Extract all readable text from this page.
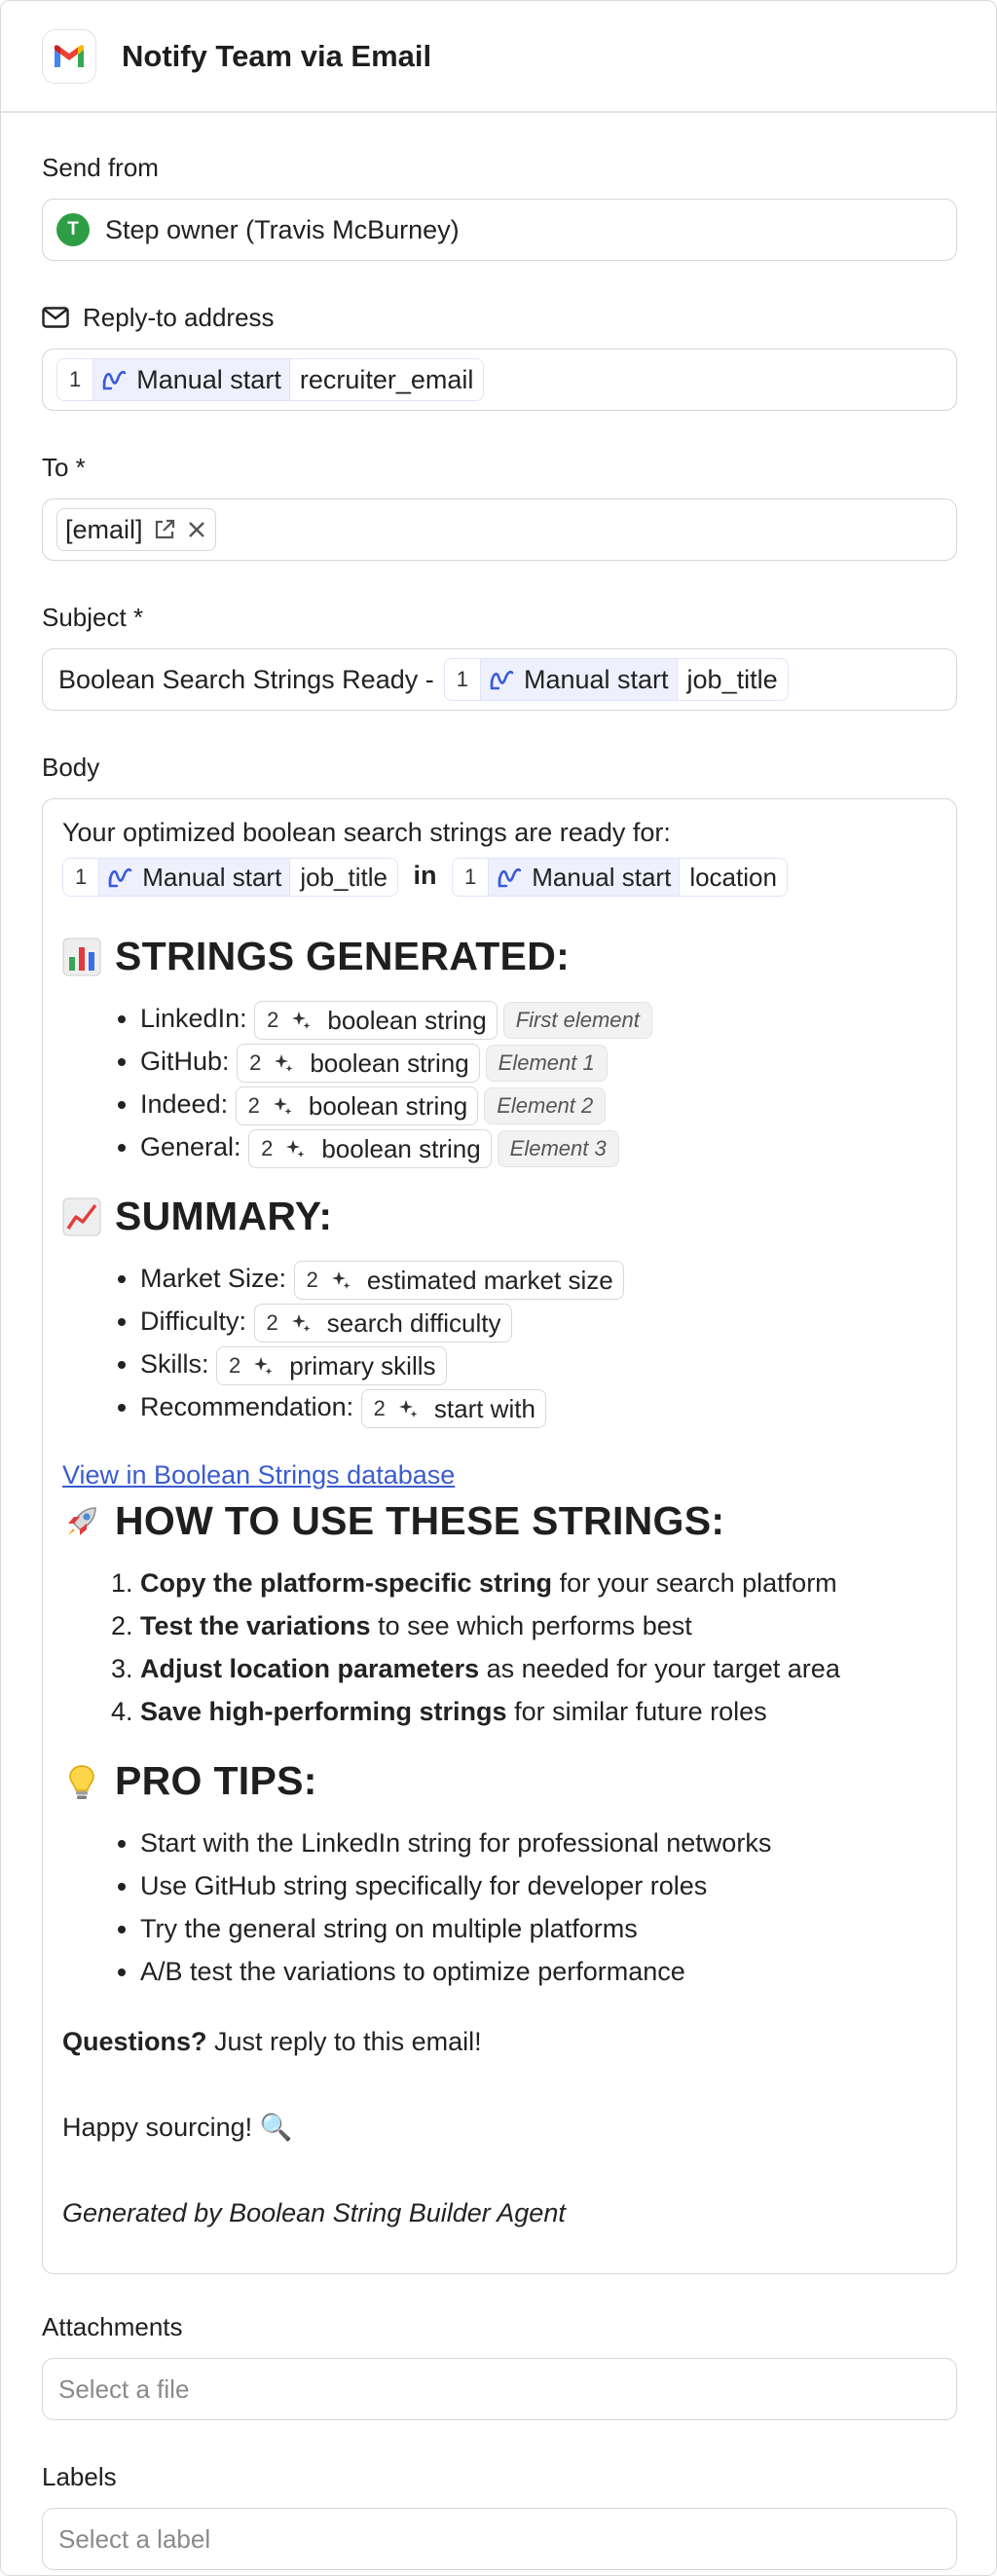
Notify Team via Email
Send from
T	Step owner (Travis McBurney)
Reply-to address
1	Manual start recruiter_email
To *
[email]
Subject *
Boolean Search Strings Ready -	1	Manual start job_title
Body
Your optimized boolean search strings are ready for:
1	Manual start job_title in	1	Manual start location
STRINGS GENERATED:
• LinkedIn: 2 boolean string First element
• GitHub: 2 boolean string Element 1
• Indeed: 2 boolean string Element 2
• General: 2 boolean string Element 3
SUMMARY:
• Market Size: 2 estimated market size
• Difficulty: 2 search difficulty
• Skills: 2 primary skills
• Recommendation: 2 start with
View in Boolean Strings database
HOW TO USE THESE STRINGS:
1. Copy the platform-specific string for your search platform
2. Test the variations to see which performs best
3. Adjust location parameters as needed for your target area
4. Save high-performing strings for similar future roles
PRO TIPS:
• Start with the LinkedIn string for professional networks
• Use GitHub string specifically for developer roles
• Try the general string on multiple platforms
• A/B test the variations to optimize performance
Questions? Just reply to this email!
Happy sourcing! 🔍
Generated by Boolean String Builder Agent
Attachments
Select a file
Labels
Select a label
